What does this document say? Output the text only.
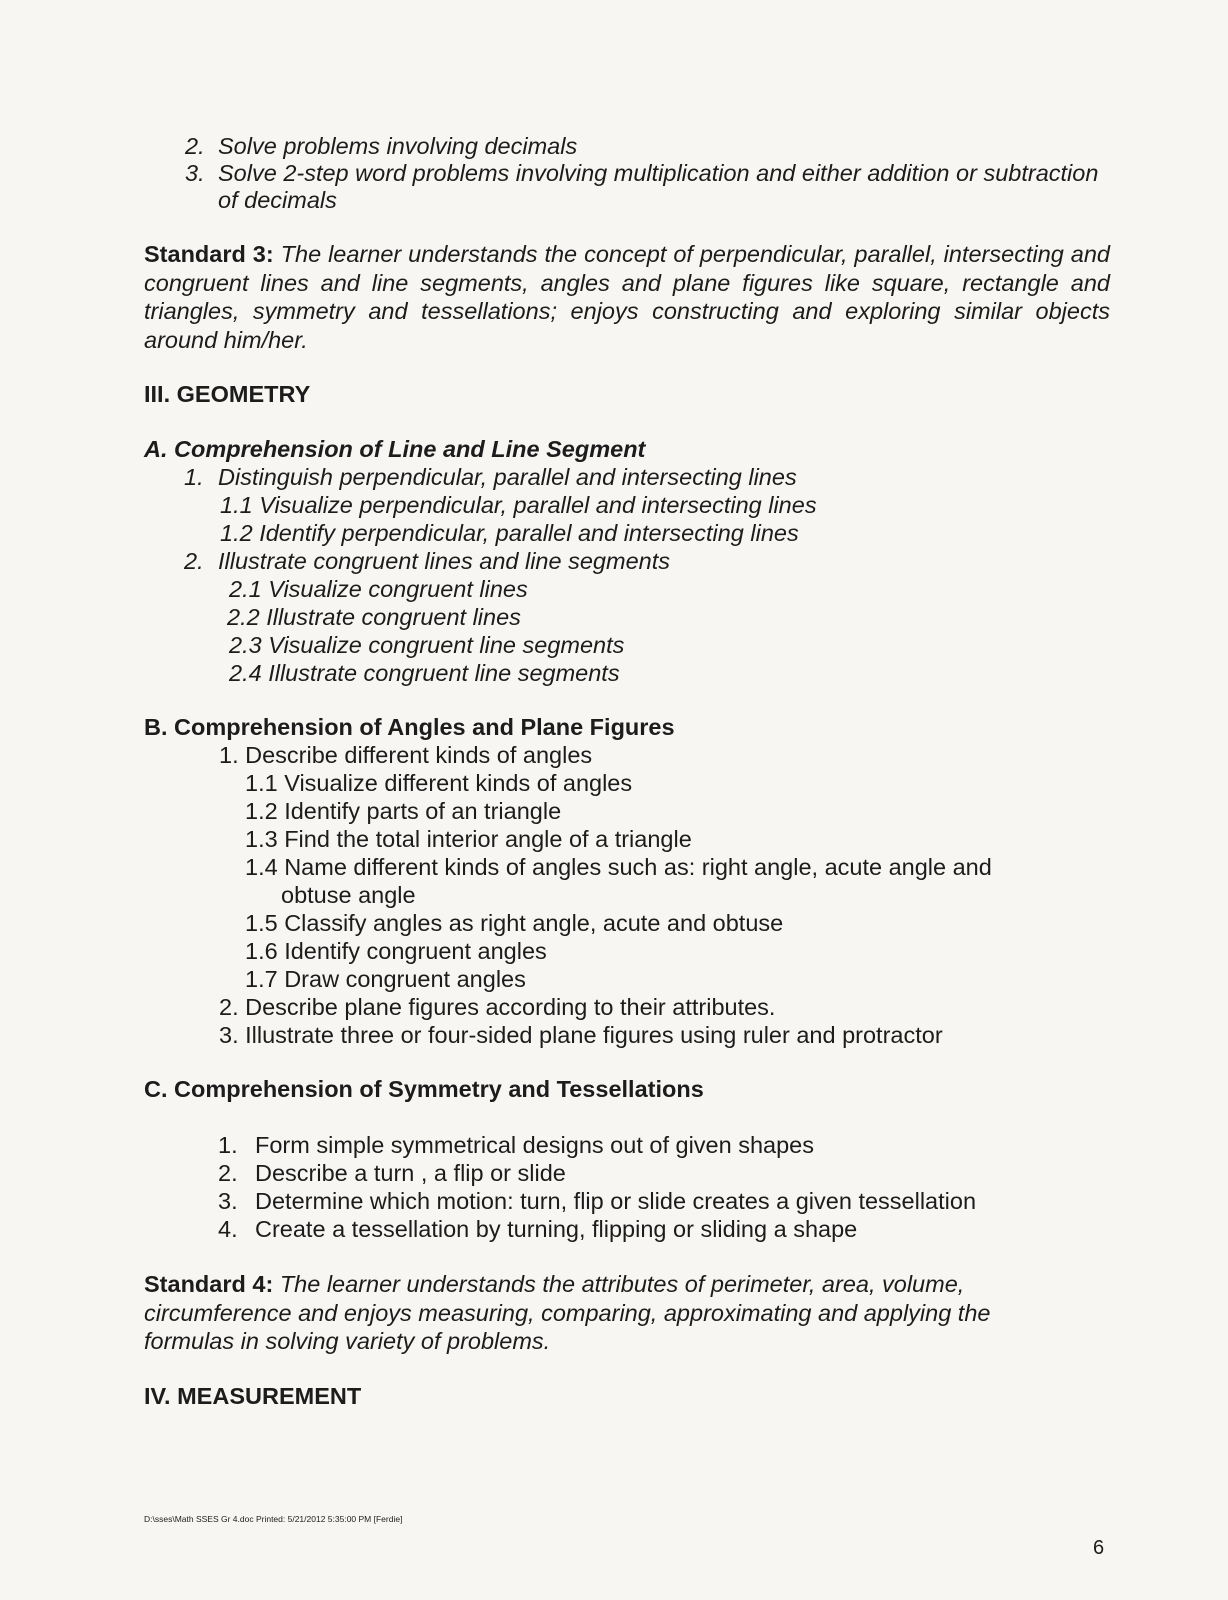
2. Solve problems involving decimals
3. Solve 2-step word problems involving multiplication and either addition or subtraction
of decimals
Standard 3: The learner understands the concept of perpendicular, parallel, intersecting and congruent lines and line segments, angles and plane figures like square, rectangle and triangles, symmetry and tessellations; enjoys constructing and exploring similar objects around him/her.
III. GEOMETRY
A. Comprehension of Line and Line Segment
1. Distinguish perpendicular, parallel and intersecting lines
1.1 Visualize perpendicular, parallel and intersecting lines
1.2 Identify perpendicular, parallel and intersecting lines
2. Illustrate congruent lines and line segments
2.1 Visualize congruent lines
2.2 Illustrate congruent lines
2.3 Visualize congruent line segments
2.4 Illustrate congruent line segments
B. Comprehension of Angles and Plane Figures
1. Describe different kinds of angles
1.1 Visualize different kinds of angles
1.2 Identify parts of an triangle
1.3 Find the total interior angle of a triangle
1.4 Name different kinds of angles such as: right angle, acute angle and
obtuse angle
1.5 Classify angles as right angle, acute and obtuse
1.6 Identify congruent angles
1.7 Draw congruent angles
2. Describe plane figures according to their attributes.
3. Illustrate three or four-sided plane figures using ruler and protractor
C. Comprehension of Symmetry and Tessellations
1. Form simple symmetrical designs out of given shapes
2. Describe a turn , a flip or slide
3. Determine which motion: turn, flip or slide creates a given tessellation
4. Create a tessellation by turning, flipping or sliding a shape
Standard 4: The learner understands the attributes of perimeter, area, volume, circumference and enjoys measuring, comparing, approximating and applying the formulas in solving variety of problems.
IV. MEASUREMENT
D:\sses\Math SSES Gr 4.doc Printed: 5/21/2012 5:35:00 PM [Ferdie]
6
